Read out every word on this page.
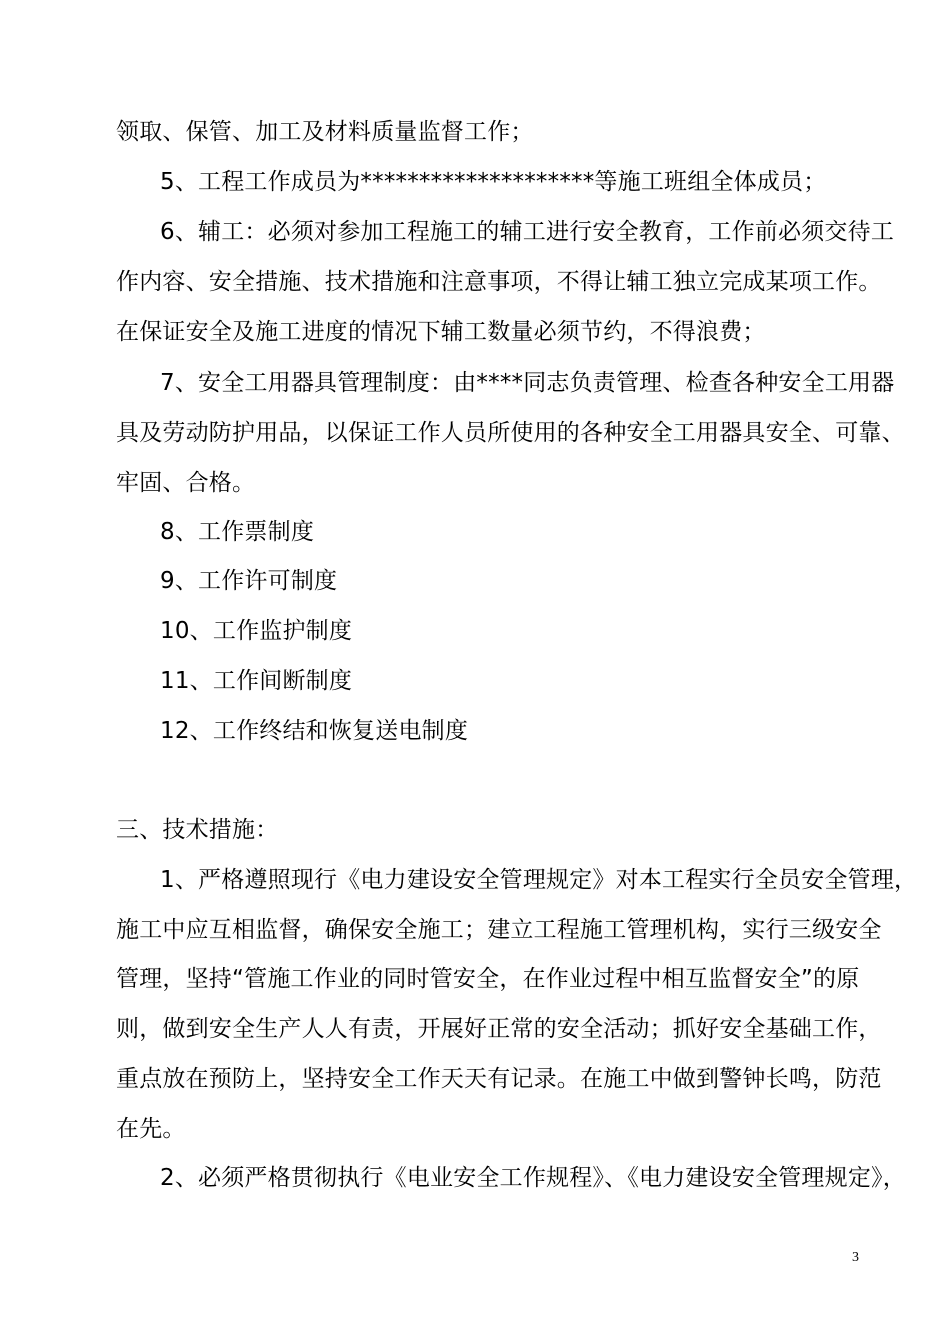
领取、保管、加工及材料质量监督工作；
5、工程工作成员为********************等施工班组全体成员；
6、辅工：必须对参加工程施工的辅工进行安全教育，工作前必须交待工
作内容、安全措施、技术措施和注意事项，不得让辅工独立完成某项工作。
在保证安全及施工进度的情况下辅工数量必须节约，不得浪费；
7、安全工用器具管理制度：由****同志负责管理、检查各种安全工用器
具及劳动防护用品，以保证工作人员所使用的各种安全工用器具安全、可靠、
牢固、合格。
8、工作票制度
9、工作许可制度
10、工作监护制度
11、工作间断制度
12、工作终结和恢复送电制度
三、技术措施：
1、严格遵照现行《电力建设安全管理规定》对本工程实行全员安全管理，
施工中应互相监督，确保安全施工；建立工程施工管理机构，实行三级安全
管理，坚持“管施工作业的同时管安全，在作业过程中相互监督安全”的原
则，做到安全生产人人有责，开展好正常的安全活动；抓好安全基础工作，
重点放在预防上，坚持安全工作天天有记录。在施工中做到警钟长鸣，防范
在先。
2、必须严格贯彻执行《电业安全工作规程》、《电力建设安全管理规定》，
3
